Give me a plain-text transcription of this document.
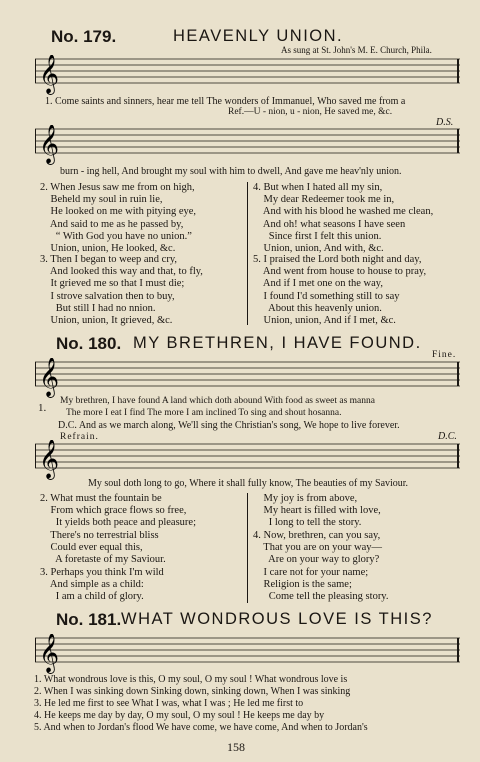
No. 179.	HEAVENLY UNION.
As sung at St. John's M. E. Church, Phila.
𝄞
1. Come saints and sinners, hear me tell The wonders of Immanuel, Who saved me from a
Ref.—U - nion, u - nion, He saved me, &c.
D.S.
𝄞
burn - ing hell, And brought my soul with him to dwell, And gave me heav'nly union.
2. When Jesus saw me from on high,
Beheld my soul in ruin lie,
He looked on me with pitying eye,
And said to me as he passed by,
“ With God you have no union.”
Union, union, He looked, &c.
3. Then I began to weep and cry,
And looked this way and that, to fly,
It grieved me so that I must die;
I strove salvation then to buy,
But still I had no nnion.
Union, union, It grieved, &c.
4. But when I hated all my sin,
My dear Redeemer took me in,
And with his blood he washed me clean,
And oh! what seasons I have seen
Since first I felt this union.
Union, union, And with, &c.
5. I praised the Lord both night and day,
And went from house to house to pray,
And if I met one on the way,
I found I'd something still to say
About this heavenly union.
Union, union, And if I met, &c.
No. 180. MY BRETHREN, I HAVE FOUND.
Fine.
𝄞
1.
My brethren, I have found A land which doth abound With food as sweet as manna
The more I eat I find The more I am inclined To sing and shout hosanna.
D.C. And as we march along, We'll sing the Christian's song, We hope to live forever.
Refrain.	D.C.
𝄞
My soul doth long to go, Where it shall fully know, The beauties of my Saviour.
2. What must the fountain be
From which grace flows so free,
It yields both peace and pleasure;
There's no terrestrial bliss
Could ever equal this,
A foretaste of my Saviour.
3. Perhaps you think I'm wild
And simple as a child:
I am a child of glory.
My joy is from above,
My heart is filled with love,
I long to tell the story.
4. Now, brethren, can you say,
That you are on your way—
Are on your way to glory?
I care not for your name;
Religion is the same;
Come tell the pleasing story.
No. 181. WHAT WONDROUS LOVE IS THIS?
𝄞
1. What wondrous love is this, O my soul, O my soul ! What wondrous love is
2. When I was sinking down Sinking down, sinking down, When I was sinking
3. He led me first to see What I was, what I was ; He led me first to
4. He keeps me day by day, O my soul, O my soul ! He keeps me day by
5. And when to Jordan's flood We have come, we have come, And when to Jordan's
158
